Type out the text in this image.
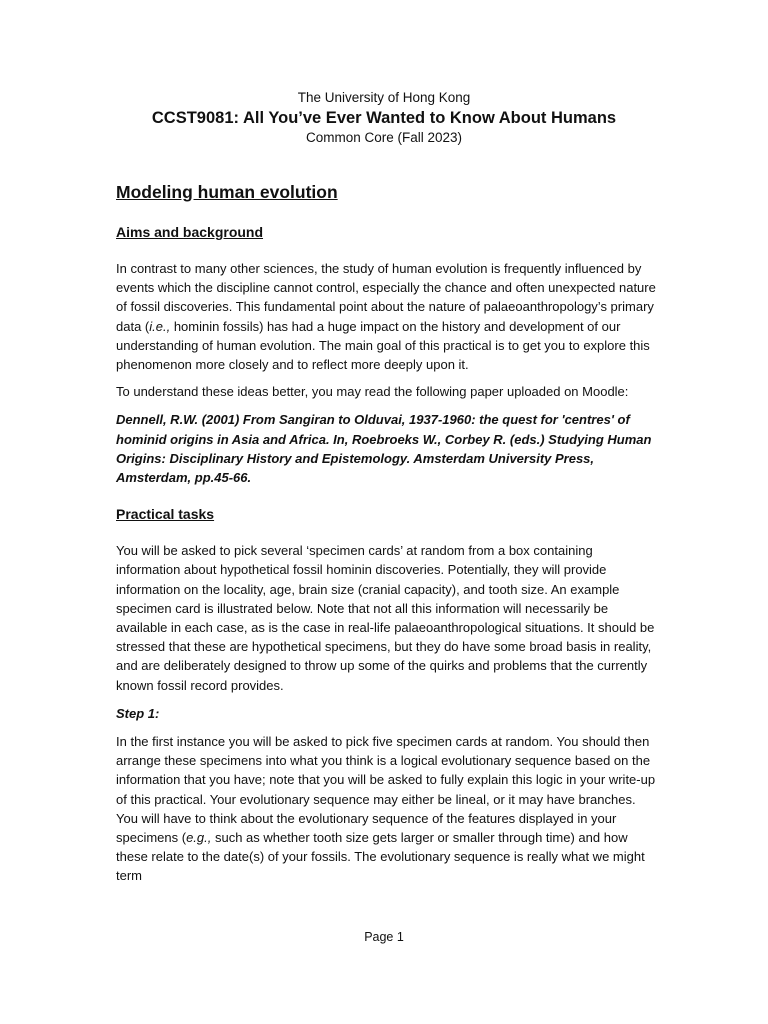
The University of Hong Kong
CCST9081: All You’ve Ever Wanted to Know About Humans
Common Core (Fall 2023)
Modeling human evolution
Aims and background

In contrast to many other sciences, the study of human evolution is frequently influenced by events which the discipline cannot control, especially the chance and often unexpected nature of fossil discoveries. This fundamental point about the nature of palaeoanthropology’s primary data (i.e., hominin fossils) has had a huge impact on the history and development of our understanding of human evolution. The main goal of this practical is to get you to explore this phenomenon more closely and to reflect more deeply upon it.

To understand these ideas better, you may read the following paper uploaded on Moodle:

Dennell, R.W. (2001) From Sangiran to Olduvai, 1937-1960: the quest for 'centres' of hominid origins in Asia and Africa. In, Roebroeks W., Corbey R. (eds.) Studying Human Origins: Disciplinary History and Epistemology. Amsterdam University Press, Amsterdam, pp.45-66.

Practical tasks

You will be asked to pick several ‘specimen cards’ at random from a box containing information about hypothetical fossil hominin discoveries. Potentially, they will provide information on the locality, age, brain size (cranial capacity), and tooth size. An example specimen card is illustrated below. Note that not all this information will necessarily be available in each case, as is the case in real-life palaeoanthropological situations. It should be stressed that these are hypothetical specimens, but they do have some broad basis in reality, and are deliberately designed to throw up some of the quirks and problems that the currently known fossil record provides.

Step 1:

In the first instance you will be asked to pick five specimen cards at random. You should then arrange these specimens into what you think is a logical evolutionary sequence based on the information that you have; note that you will be asked to fully explain this logic in your write-up of this practical. Your evolutionary sequence may either be lineal, or it may have branches. You will have to think about the evolutionary sequence of the features displayed in your specimens (e.g., such as whether tooth size gets larger or smaller through time) and how these relate to the date(s) of your fossils. The evolutionary sequence is really what we might term

Page 1
